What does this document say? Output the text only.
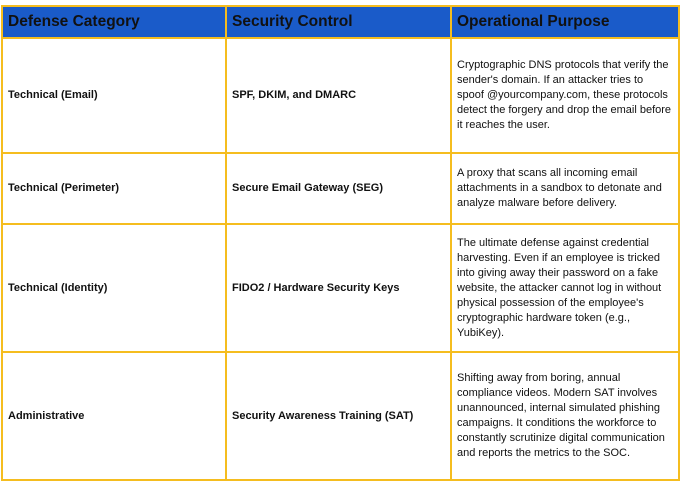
Defense Category	Security Control	Operational Purpose
Technical (Email)	SPF, DKIM, and DMARC	Cryptographic DNS protocols that verify the sender's domain. If an attacker tries to spoof @yourcompany.com, these protocols detect the forgery and drop the email before it reaches the user.
Technical (Perimeter)	Secure Email Gateway (SEG)	A proxy that scans all incoming email attachments in a sandbox to detonate and analyze malware before delivery.
Technical (Identity)	FIDO2 / Hardware Security Keys	The ultimate defense against credential harvesting. Even if an employee is tricked into giving away their password on a fake website, the attacker cannot log in without physical possession of the employee's cryptographic hardware token (e.g., YubiKey).
Administrative	Security Awareness Training (SAT)	Shifting away from boring, annual compliance videos. Modern SAT involves unannounced, internal simulated phishing campaigns. It conditions the workforce to constantly scrutinize digital communication and reports the metrics to the SOC.
